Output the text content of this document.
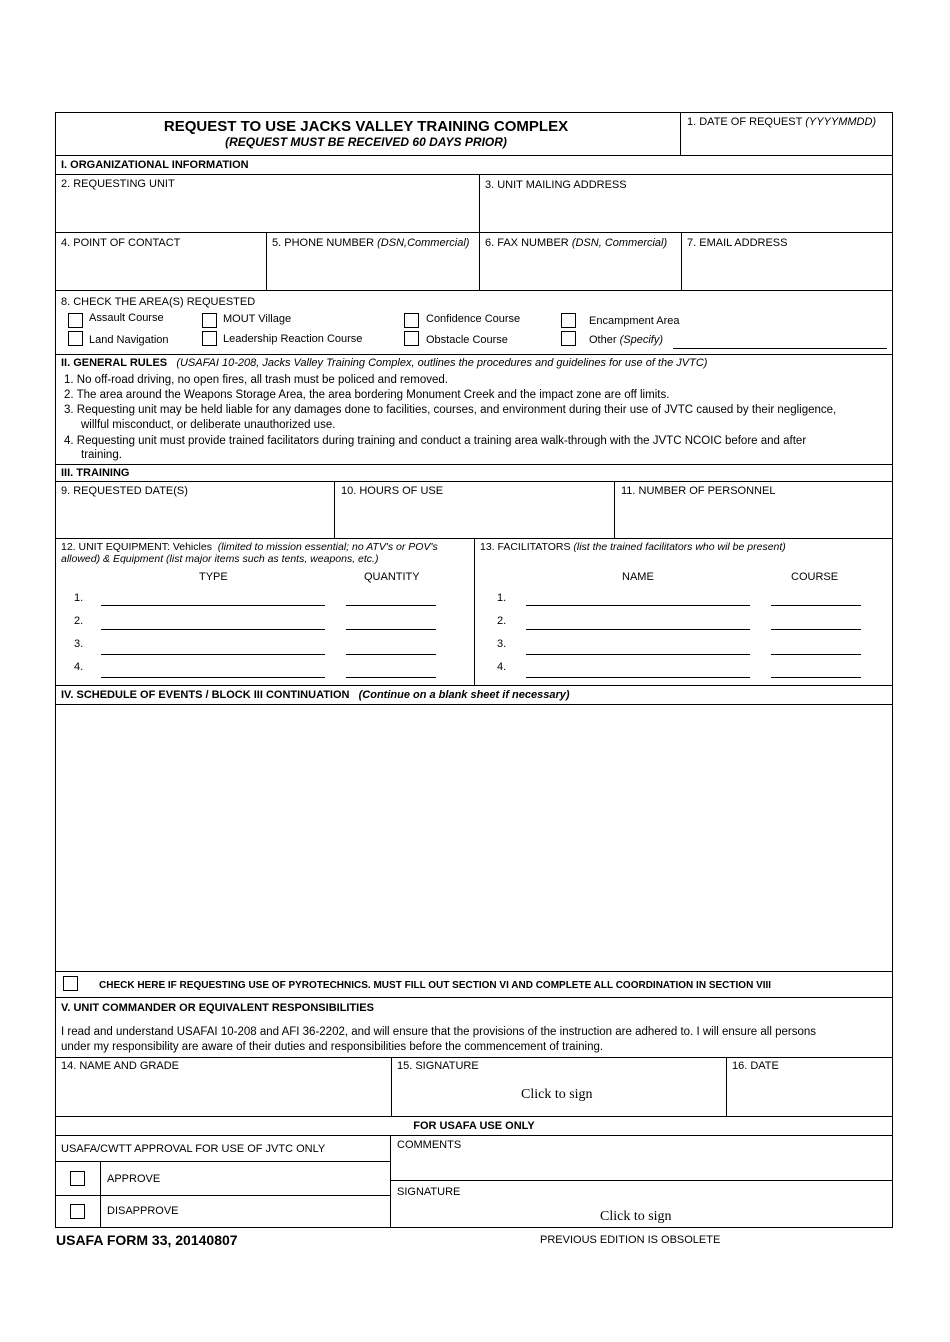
REQUEST TO USE JACKS VALLEY TRAINING COMPLEX
(REQUEST MUST BE RECEIVED 60 DAYS PRIOR)
1. DATE OF REQUEST (YYYYMMDD)
I. ORGANIZATIONAL INFORMATION
2. REQUESTING UNIT	3. UNIT MAILING ADDRESS
4. POINT OF CONTACT	5. PHONE NUMBER (DSN,Commercial) 6. FAX NUMBER (DSN, Commercial) 7. EMAIL ADDRESS
8. CHECK THE AREA(S) REQUESTED
Assault Course	MOUT Village	Confidence Course	Encampment Area
Land Navigation	Leadership Reaction Course	Obstacle Course	Other (Specify)
II. GENERAL RULES (USAFAI 10-208, Jacks Valley Training Complex, outlines the procedures and guidelines for use of the JVTC)
1. No off-road driving, no open fires, all trash must be policed and removed.
2. The area around the Weapons Storage Area, the area bordering Monument Creek and the impact zone are off limits.
3. Requesting unit may be held liable for any damages done to facilities, courses, and environment during their use of JVTC caused by their negligence,
willful misconduct, or deliberate unauthorized use.
4. Requesting unit must provide trained facilitators during training and conduct a training area walk-through with the JVTC NCOIC before and after
training.
III. TRAINING
9. REQUESTED DATE(S)	10. HOURS OF USE	11. NUMBER OF PERSONNEL
12. UNIT EQUIPMENT: Vehicles (limited to mission essential; no ATV's or POV's
allowed) & Equipment (list major items such as tents, weapons, etc.)
TYPE	QUANTITY
13. FACILITATORS (list the trained facilitators who wil be present)
NAME	COURSE
1.
2.
3.
4.
1.
2.
3.
4.
IV. SCHEDULE OF EVENTS / BLOCK III CONTINUATION (Continue on a blank sheet if necessary)
CHECK HERE IF REQUESTING USE OF PYROTECHNICS. MUST FILL OUT SECTION VI AND COMPLETE ALL COORDINATION IN SECTION VIII
V. UNIT COMMANDER OR EQUIVALENT RESPONSIBILITIES
I read and understand USAFAI 10-208 and AFI 36-2202, and will ensure that the provisions of the instruction are adhered to. I will ensure all persons
under my responsibility are aware of their duties and responsibilities before the commencement of training.
14. NAME AND GRADE	15. SIGNATURE
Click to sign
16. DATE
FOR USAFA USE ONLY
USAFA/CWTT APPROVAL FOR USE OF JVTC ONLY
APPROVE
DISAPPROVE
COMMENTS
SIGNATURE
Click to sign
USAFA FORM 33, 20140807	PREVIOUS EDITION IS OBSOLETE
